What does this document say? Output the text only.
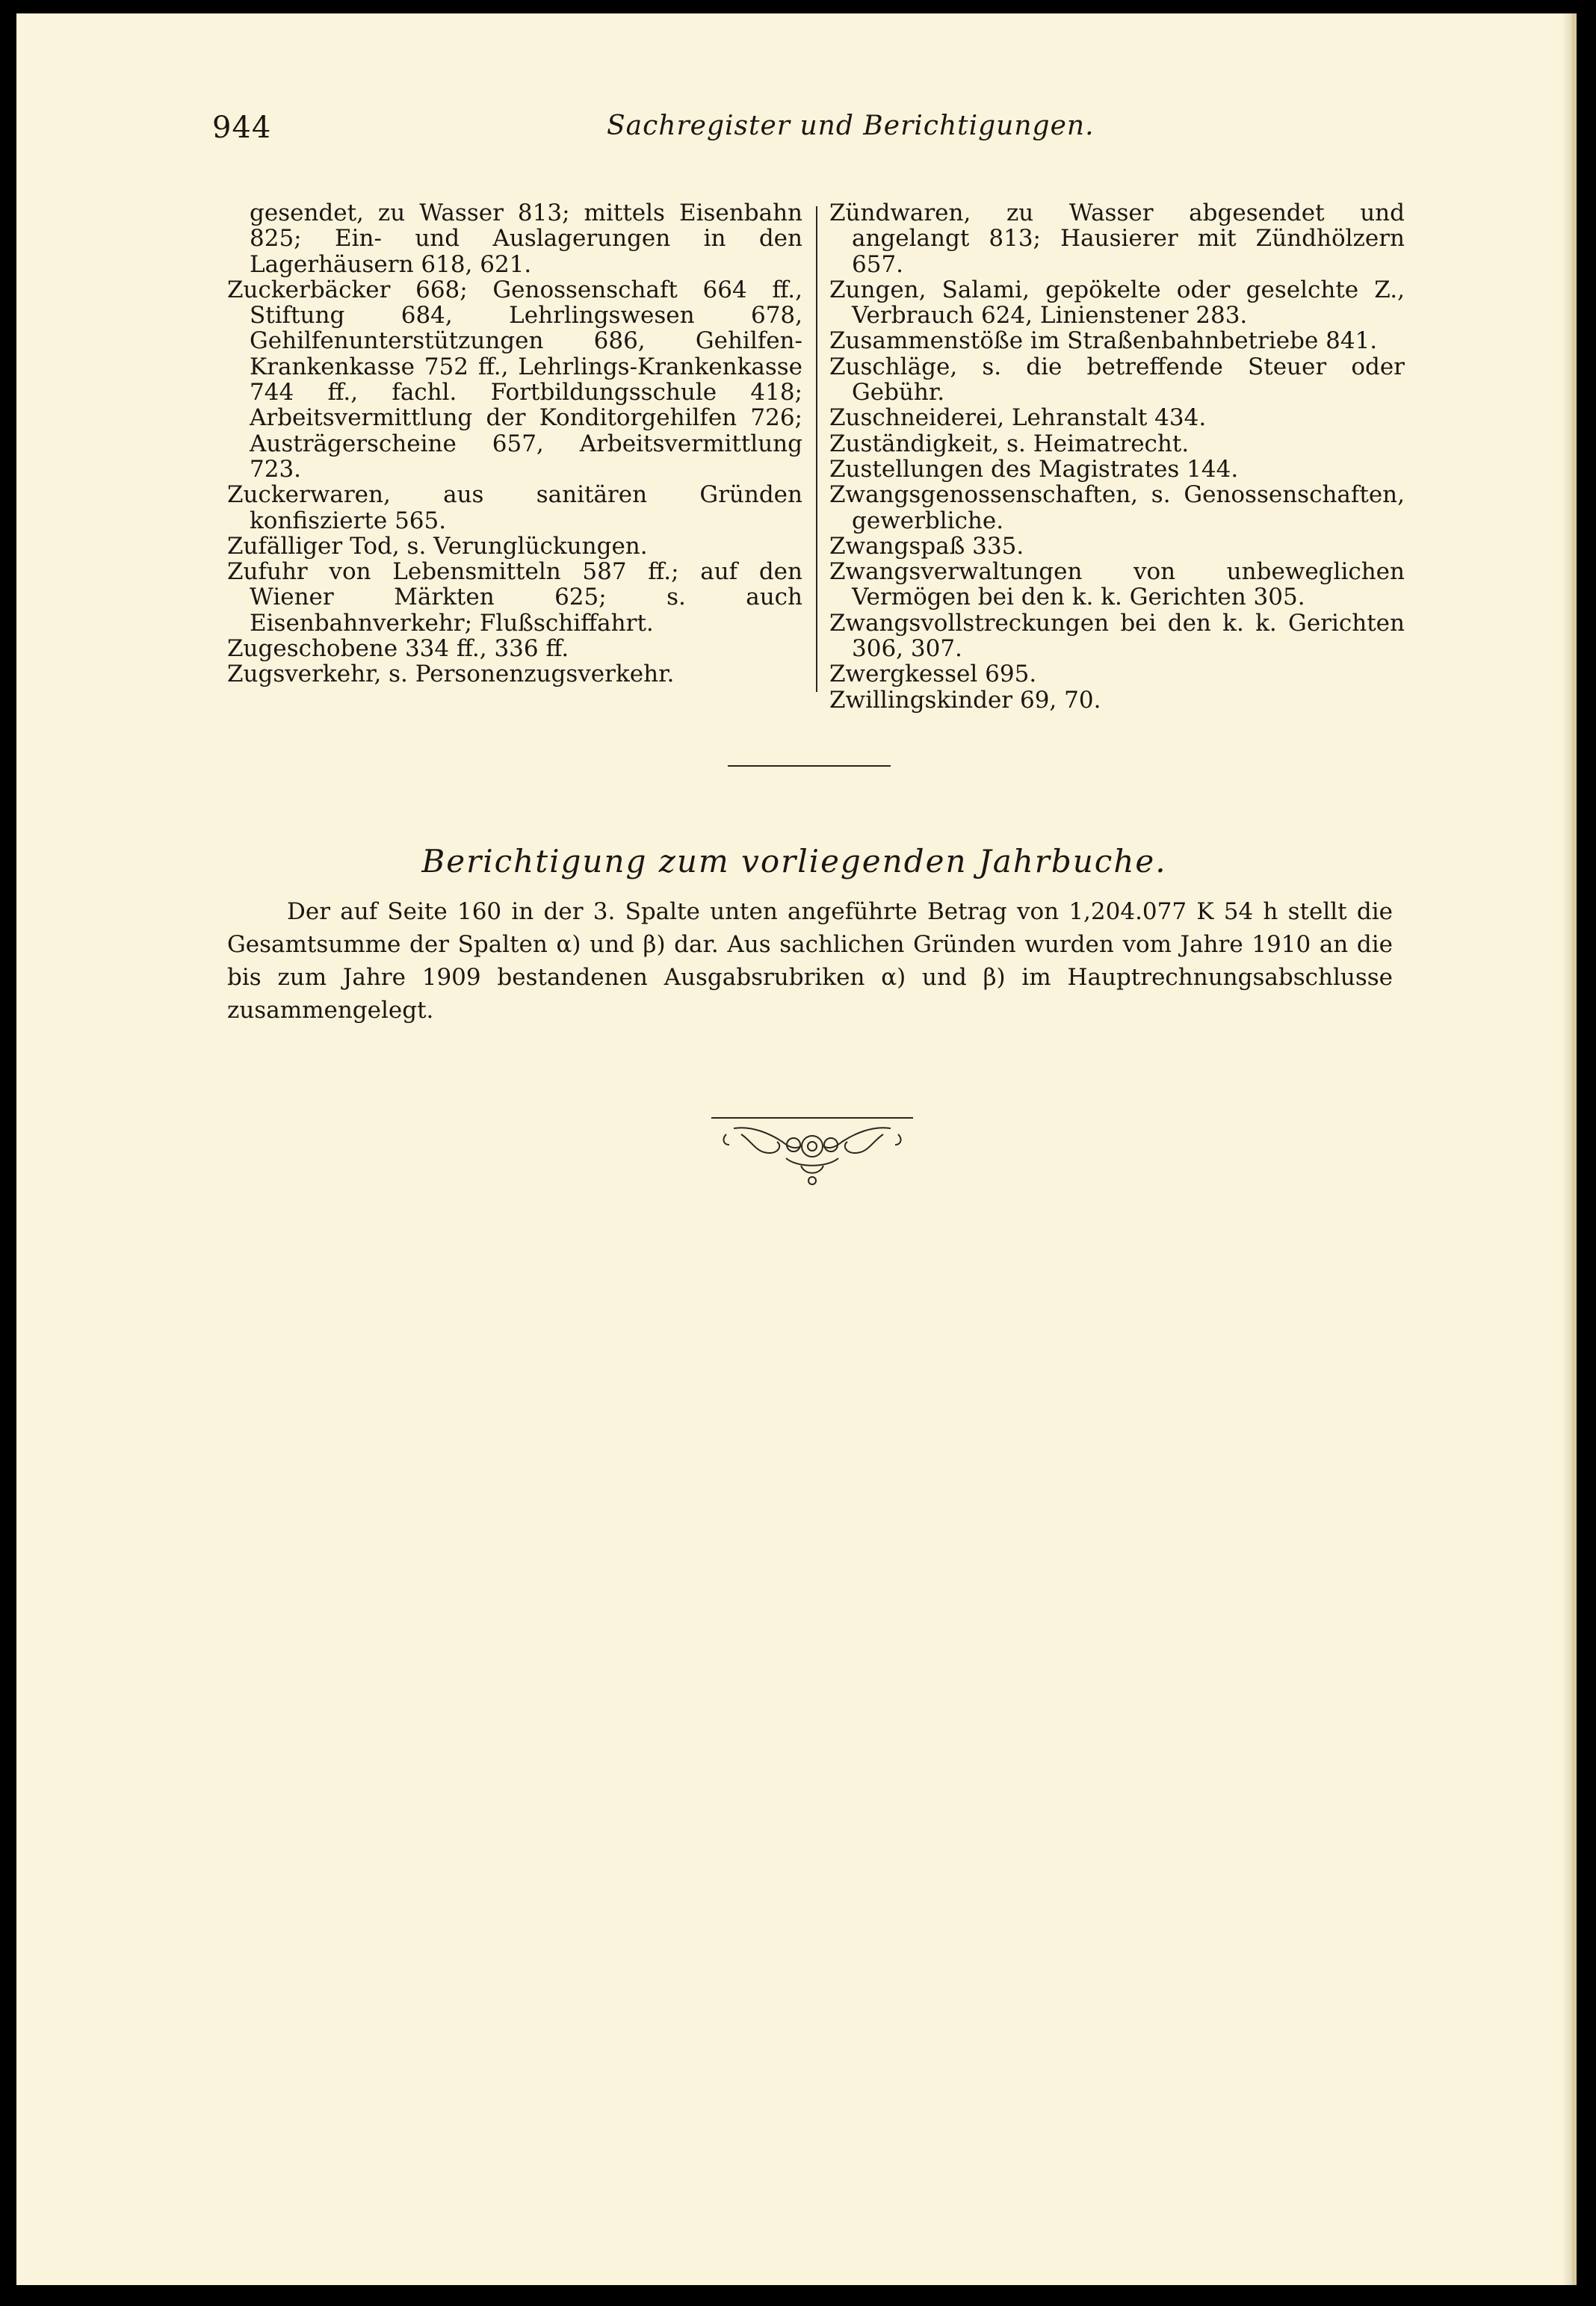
944	Sachregister und Berichtigungen.

gesendet, zu Wasser 813; mittels Eisenbahn 825; Ein- und Auslagerungen in den Lagerhäusern 618, 621.

Zuckerbäcker 668; Genossenschaft 664 ff., Stiftung 684, Lehrlingswesen 678, Gehilfenunterstützungen 686, Gehilfen-Krankenkasse 752 ff., Lehrlings-Krankenkasse 744 ff., fachl. Fortbildungsschule 418; Arbeitsvermittlung der Konditorgehilfen 726; Austrägerscheine 657, Arbeitsvermittlung 723.

Zuckerwaren, aus sanitären Gründen konfiszierte 565.

Zufälliger Tod, s. Verunglückungen.

Zufuhr von Lebensmitteln 587 ff.; auf den Wiener Märkten 625; s. auch Eisenbahnverkehr; Flußschiffahrt.

Zugeschobene 334 ff., 336 ff.

Zugsverkehr, s. Personenzugsverkehr.

Zündwaren, zu Wasser abgesendet und angelangt 813; Hausierer mit Zündhölzern 657.

Zungen, Salami, gepökelte oder geselchte Z., Verbrauch 624, Linienstener 283.

Zusammenstöße im Straßenbahnbetriebe 841.

Zuschläge, s. die betreffende Steuer oder Gebühr.

Zuschneiderei, Lehranstalt 434.

Zuständigkeit, s. Heimatrecht.

Zustellungen des Magistrates 144.

Zwangsgenossenschaften, s. Genossenschaften, gewerbliche.

Zwangspaß 335.

Zwangsverwaltungen von unbeweglichen Vermögen bei den k. k. Gerichten 305.

Zwangsvollstreckungen bei den k. k. Gerichten 306, 307.

Zwergkessel 695.

Zwillingskinder 69, 70.

Berichtigung zum vorliegenden Jahrbuche.

Der auf Seite 160 in der 3. Spalte unten angeführte Betrag von 1,204.077 K 54 h stellt die Gesamtsumme der Spalten α) und β) dar. Aus sachlichen Gründen wurden vom Jahre 1910 an die bis zum Jahre 1909 bestandenen Ausgabsrubriken α) und β) im Hauptrechnungsabschlusse zusammengelegt.
